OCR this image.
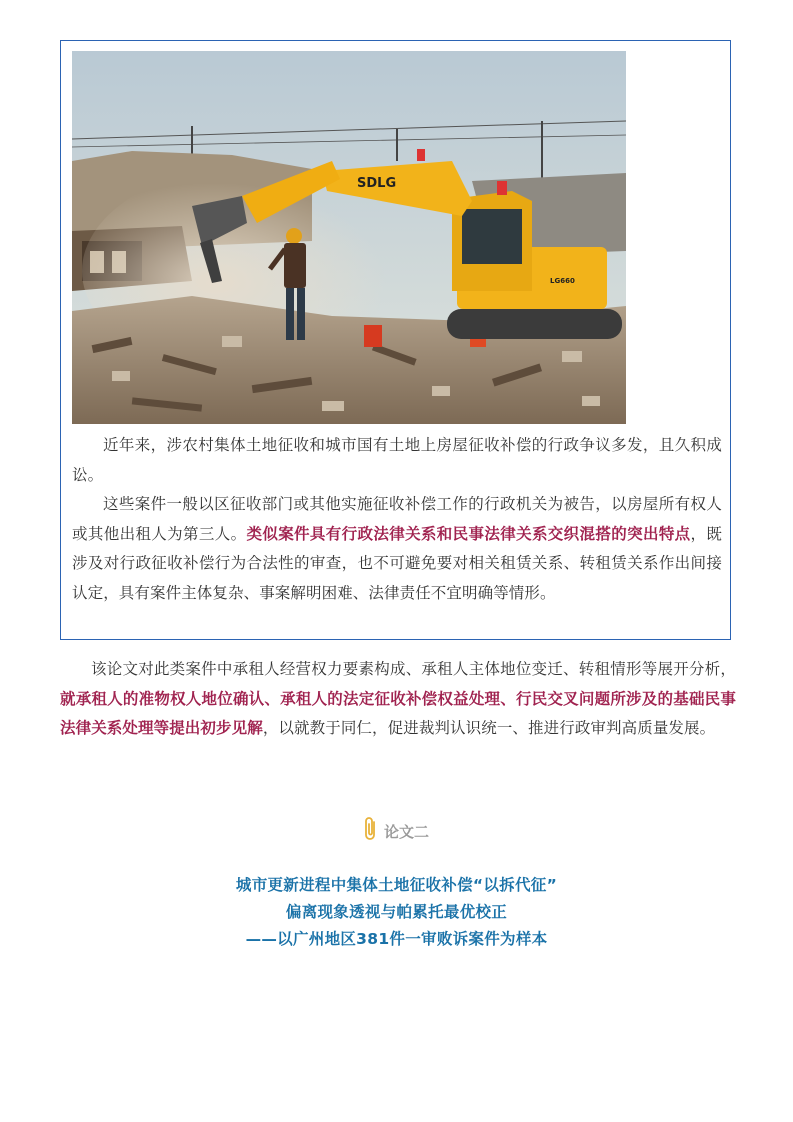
SDLG
LG660

近年来，涉农村集体土地征收和城市国有土地上房屋征收补偿的行政争议多发，且久积成讼。

这些案件一般以区征收部门或其他实施征收补偿工作的行政机关为被告，以房屋所有权人或其他出租人为第三人。类似案件具有行政法律关系和民事法律关系交织混搭的突出特点，既涉及对行政征收补偿行为合法性的审查，也不可避免要对相关租赁关系、转租赁关系作出间接认定，具有案件主体复杂、事案解明困难、法律责任不宜明确等情形。

该论文对此类案件中承租人经营权力要素构成、承租人主体地位变迁、转租情形等展开分析，就承租人的准物权人地位确认、承租人的法定征收补偿权益处理、行民交叉问题所涉及的基础民事法律关系处理等提出初步见解，以就教于同仁，促进裁判认识统一、推进行政审判高质量发展。

论文二
城市更新进程中集体土地征收补偿“以拆代征”
偏离现象透视与帕累托最优校正
——以广州地区381件一审败诉案件为样本
